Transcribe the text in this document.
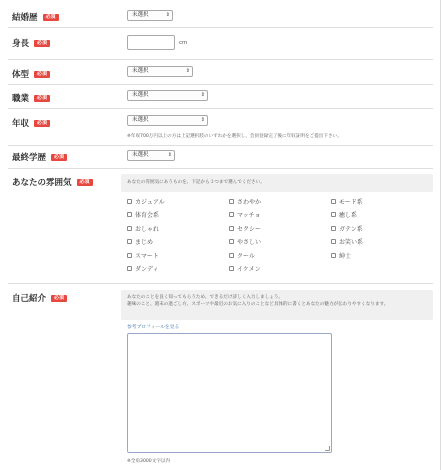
結婚歴 必須	未選択	⇕
身長 必須	cm
体型 必須	未選択	⇕
職業 必須	未選択	⇕
年収 必須	未選択	⇕
※年収700万円以上の方は上記選択肢のいずれかを選択し、会員登録完了後に年収証明をご提出下さい。
最終学歴 必須	未選択	⇕
あなたの雰囲気 必須	あなたの雰囲気にあうものを、下記から３つまで選んでください。
カジュアル	さわやか	モード系
体育会系	マッチョ	癒し系
おしゃれ	セクシー	ガテン系
まじめ	やさしい	お笑い系
スマート	クール	紳士
ダンディ	イケメン
自己紹介 必須	あなたのことを良く知ってもらうため、できるだけ詳しく入力しましょう。
趣味のこと、週末の過ごし方、スポーツや最近のお気に入りのことなど具体的に書くとあなたの魅力が伝わりやすくなります。
参考プロフィールを見る
※全角3000文字以内
